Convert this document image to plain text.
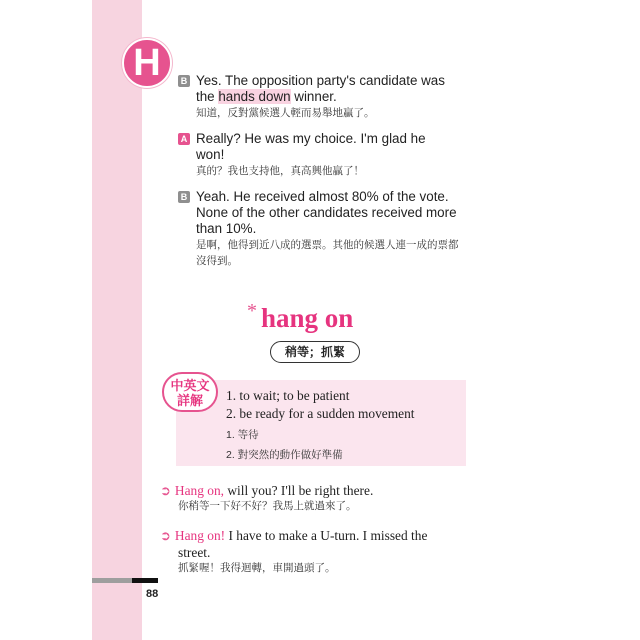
H	B Yes. The opposition party's candidate was
the hands down winner.
知道，反對黨候選人輕而易舉地贏了。
A Really? He was my choice. I'm glad he
won!
真的？我也支持他，真高興他贏了！
B Yeah. He received almost 80% of the vote.
None of the other candidates received more
than 10%.
是啊，他得到近八成的選票。其他的候選人連一成的票都
沒得到。
* hang on
稍等；抓緊
中英文
詳解	1. to wait; to be patient
2. be ready for a sudden movement
1. 等待
2. 對突然的動作做好準備
➲ Hang on, will you? I'll be right there.
你稍等一下好不好？我馬上就過來了。
➲ Hang on! I have to make a U-turn. I missed the
street.
抓緊喔！我得迴轉，車開過頭了。
88
